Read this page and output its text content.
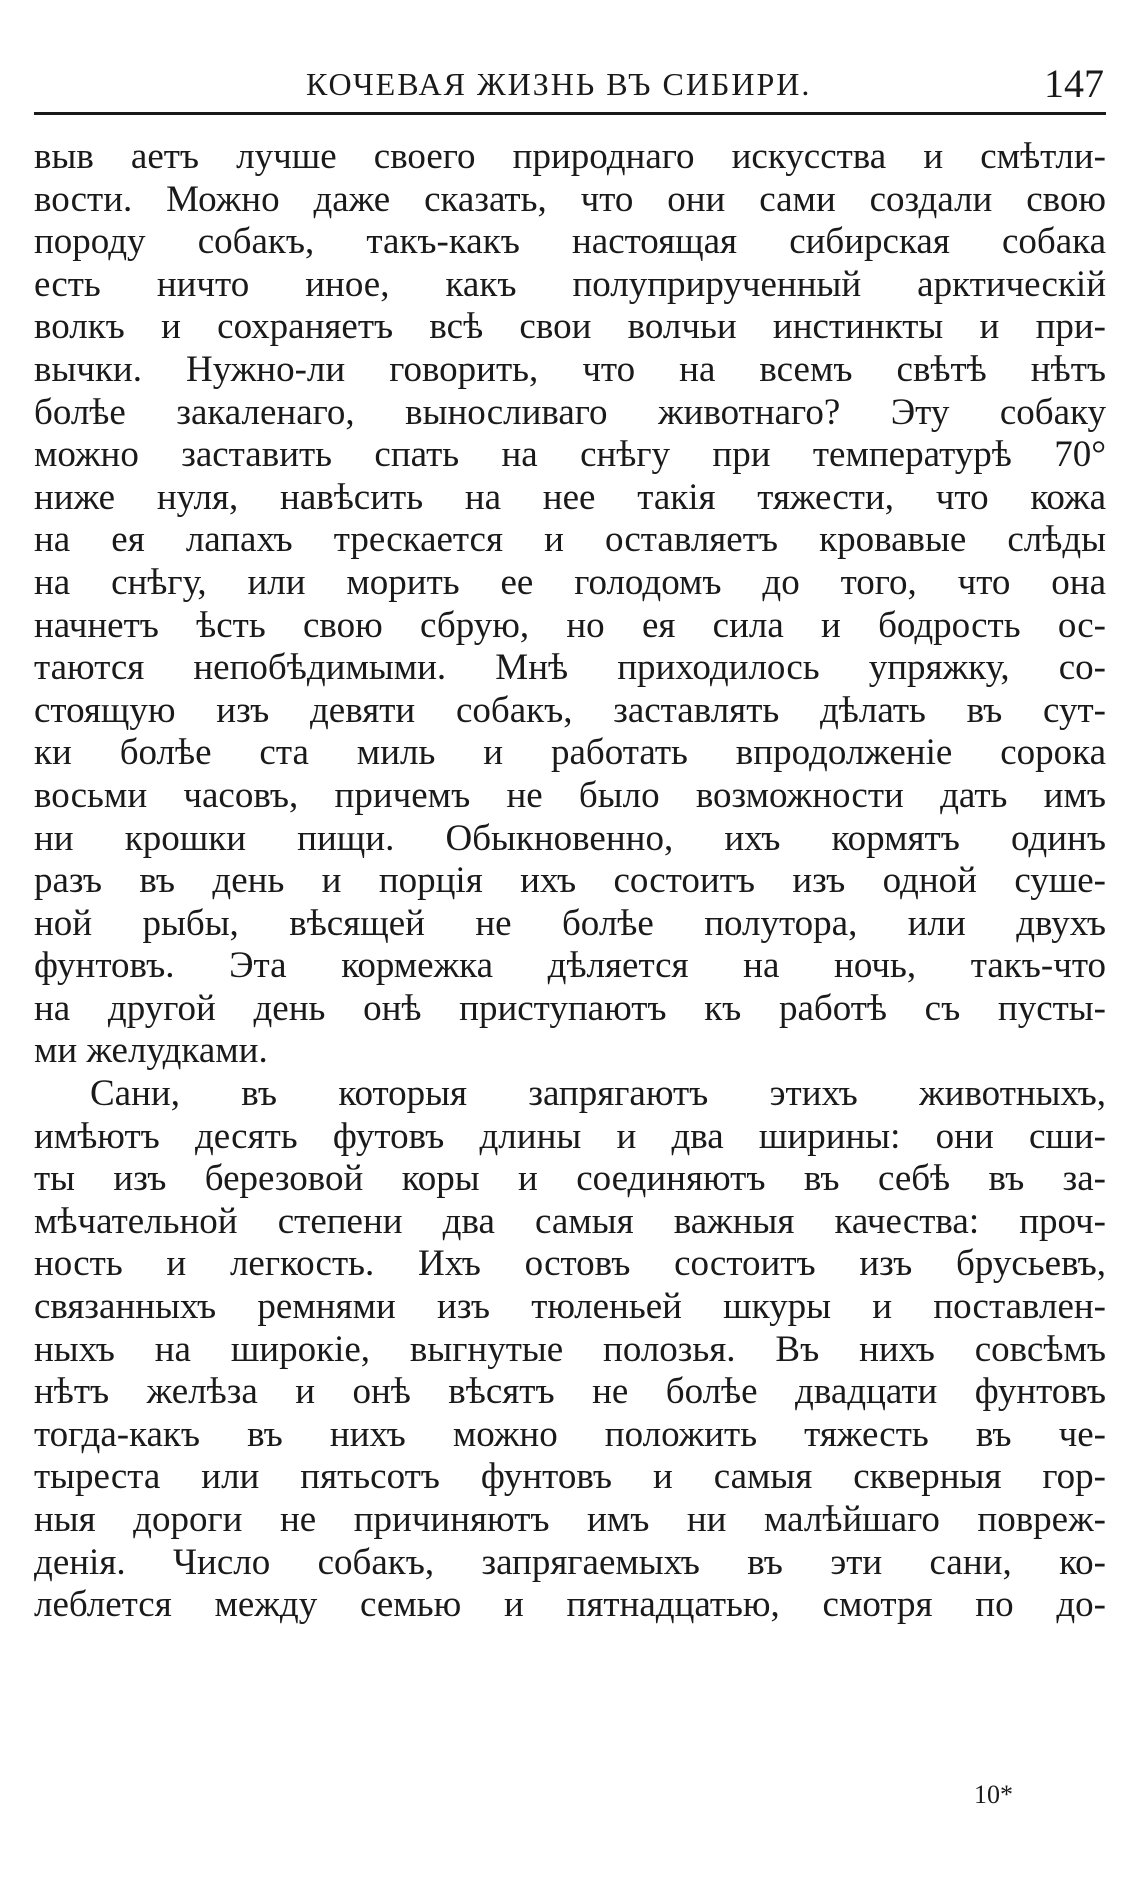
КОЧЕВАЯ ЖИЗНЬ ВЪ СИБИРИ.	147
выв аетъ лучше своего природнаго искусства и смѣтли-
вости. Можно даже сказать, что они сами создали свою
породу собакъ, такъ-какъ настоящая сибирская собака
есть ничто иное, какъ полуприрученный арктическій
волкъ и сохраняетъ всѣ свои волчьи инстинкты и при-
вычки. Нужно-ли говорить, что на всемъ свѣтѣ нѣтъ
болѣе закаленаго, выносливаго животнаго? Эту собаку
можно заставить спать на снѣгу при температурѣ 70°
ниже нуля, навѣсить на нее такія тяжести, что кожа
на ея лапахъ трескается и оставляетъ кровавые слѣды
на снѣгу, или морить ее голодомъ до того, что она
начнетъ ѣсть свою сбрую, но ея сила и бодрость ос-
таются непобѣдимыми. Мнѣ приходилось упряжку, со-
стоящую изъ девяти собакъ, заставлять дѣлать въ сут-
ки болѣе ста миль и работать впродолженіе сорока
восьми часовъ, причемъ не было возможности дать имъ
ни крошки пищи. Обыкновенно, ихъ кормятъ одинъ
разъ въ день и порція ихъ состоитъ изъ одной суше-
ной рыбы, вѣсящей не болѣе полутора, или двухъ
фунтовъ. Эта кормежка дѣляется на ночь, такъ-что
на другой день онѣ приступаютъ къ работѣ съ пусты-
ми желудками.
Сани, въ которыя запрягаютъ этихъ животныхъ,
имѣютъ десять футовъ длины и два ширины: они сши-
ты изъ березовой коры и соединяютъ въ себѣ въ за-
мѣчательной степени два самыя важныя качества: проч-
ность и легкость. Ихъ остовъ состоитъ изъ брусьевъ,
связанныхъ ремнями изъ тюленьей шкуры и поставлен-
ныхъ на широкіе, выгнутые полозья. Въ нихъ совсѣмъ
нѣтъ желѣза и онѣ вѣсятъ не болѣе двадцати фунтовъ
тогда-какъ въ нихъ можно положить тяжесть въ че-
тыреста или пятьсотъ фунтовъ и самыя скверныя гор-
ныя дороги не причиняютъ имъ ни малѣйшаго повреж-
денія. Число собакъ, запрягаемыхъ въ эти сани, ко-
леблется между семью и пятнадцатью, смотря по до-
10*
